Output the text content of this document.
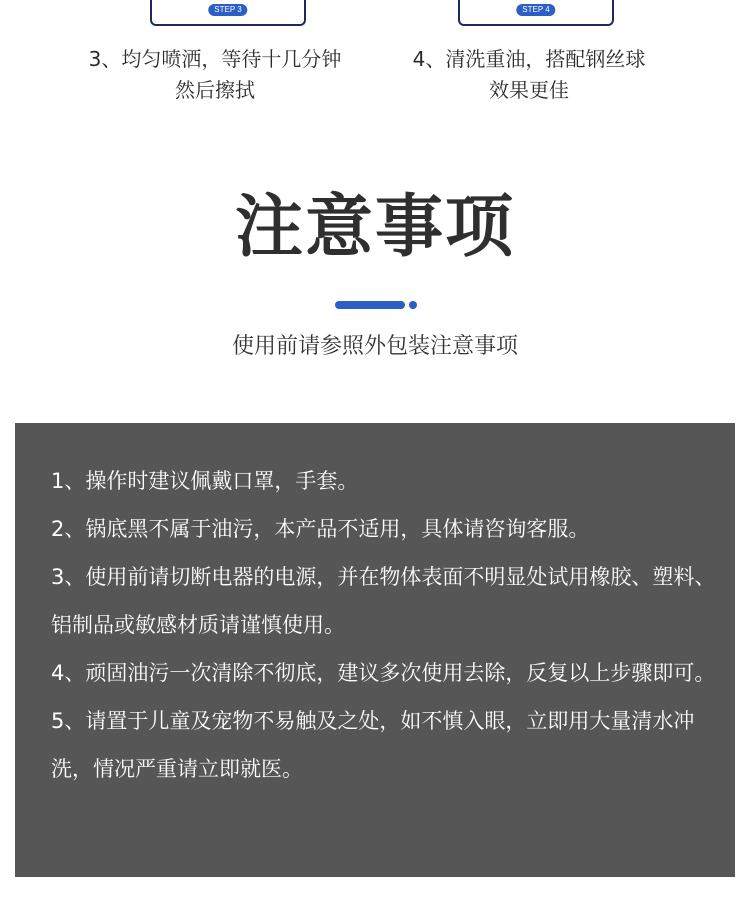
STEP 3	STEP 4
3、均匀喷洒，等待十几分钟
然后擦拭
4、清洗重油，搭配钢丝球
效果更佳
注意事项

使用前请参照外包装注意事项

1、操作时建议佩戴口罩，手套。
2、锅底黑不属于油污，本产品不适用，具体请咨询客服。
3、使用前请切断电器的电源，并在物体表面不明显处试用橡胶、塑料、铝制品或敏感材质请谨慎使用。
4、顽固油污一次清除不彻底，建议多次使用去除，反复以上步骤即可。
5、请置于儿童及宠物不易触及之处，如不慎入眼，立即用大量清水冲洗，情况严重请立即就医。
